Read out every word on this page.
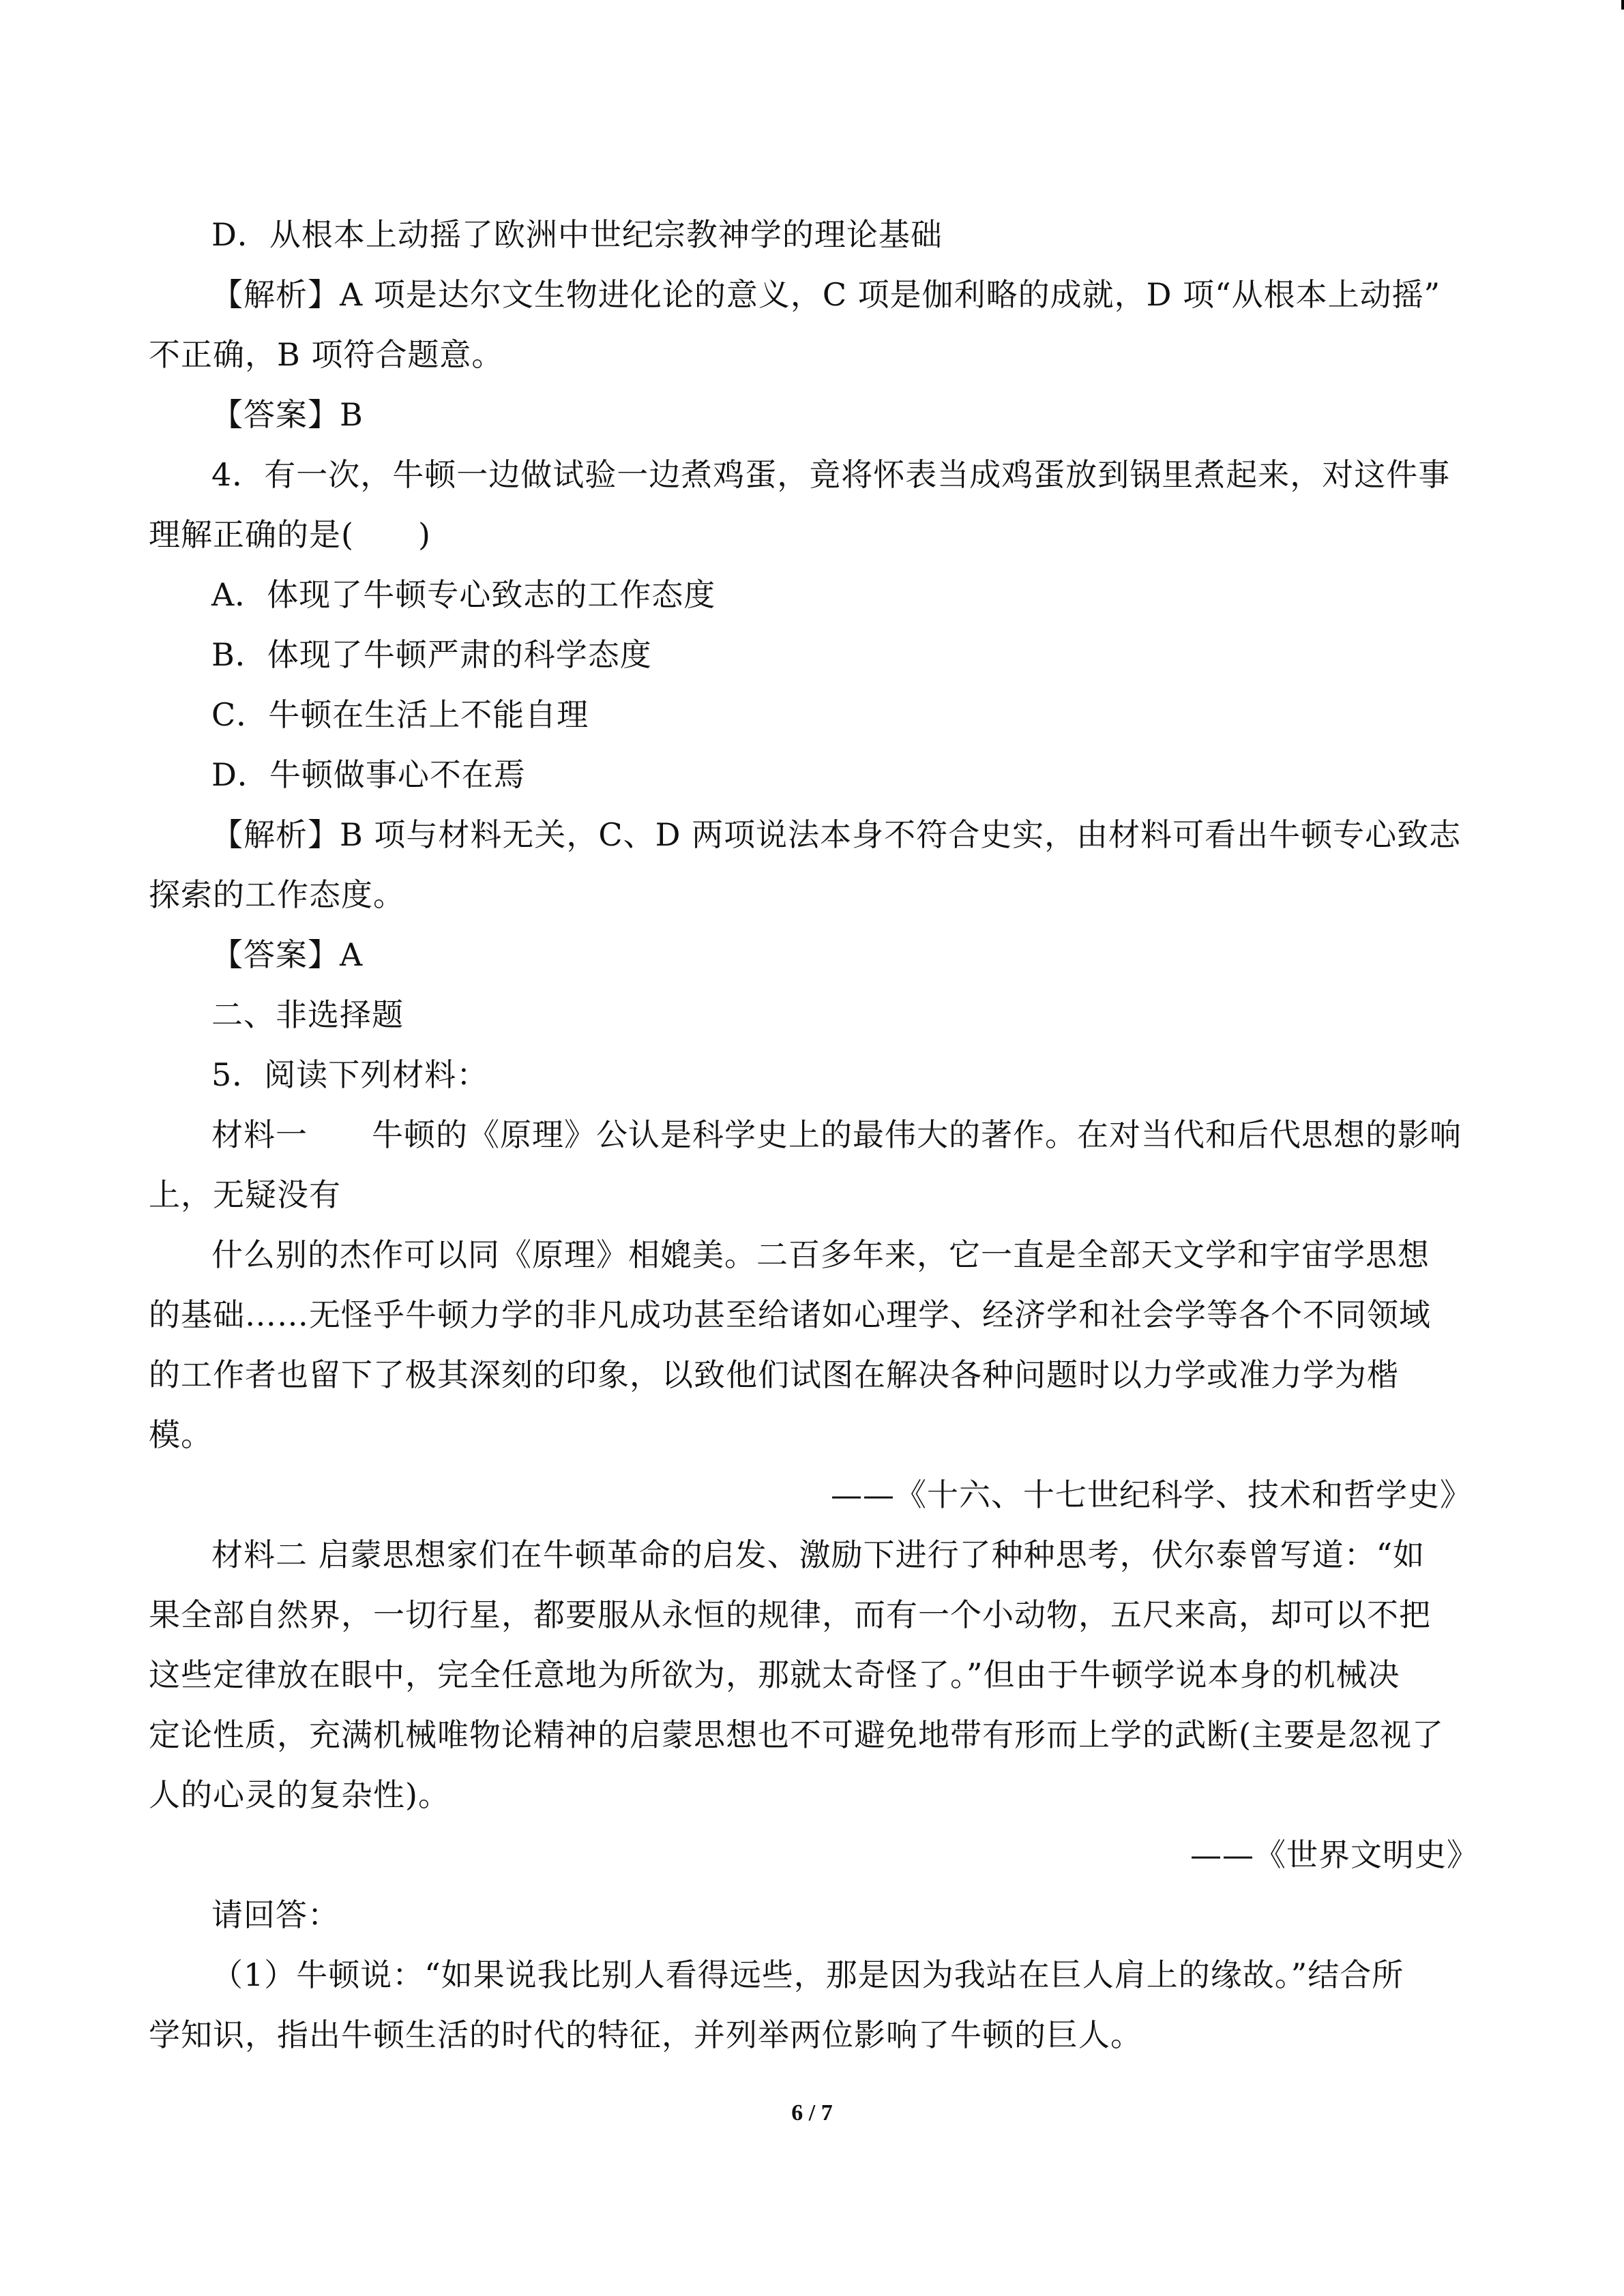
D．从根本上动摇了欧洲中世纪宗教神学的理论基础
【解析】A 项是达尔文生物进化论的意义，C 项是伽利略的成就，D 项“从根本上动摇”
不正确，B 项符合题意。
【答案】B
4．有一次，牛顿一边做试验一边煮鸡蛋，竟将怀表当成鸡蛋放到锅里煮起来，对这件事
理解正确的是(　　)
A．体现了牛顿专心致志的工作态度
B．体现了牛顿严肃的科学态度
C．牛顿在生活上不能自理
D．牛顿做事心不在焉
【解析】B 项与材料无关，C、D 两项说法本身不符合史实，由材料可看出牛顿专心致志
探索的工作态度。
【答案】A
二、非选择题
5．阅读下列材料：
材料一　　牛顿的《原理》公认是科学史上的最伟大的著作。在对当代和后代思想的影响
上，无疑没有
什么别的杰作可以同《原理》相媲美。二百多年来，它一直是全部天文学和宇宙学思想
的基础……无怪乎牛顿力学的非凡成功甚至给诸如心理学、经济学和社会学等各个不同领域
的工作者也留下了极其深刻的印象，以致他们试图在解决各种问题时以力学或准力学为楷
模。
——《十六、十七世纪科学、技术和哲学史》
材料二 启蒙思想家们在牛顿革命的启发、激励下进行了种种思考，伏尔泰曾写道：“如
果全部自然界，一切行星，都要服从永恒的规律，而有一个小动物，五尺来高，却可以不把
这些定律放在眼中，完全任意地为所欲为，那就太奇怪了。”但由于牛顿学说本身的机械决
定论性质，充满机械唯物论精神的启蒙思想也不可避免地带有形而上学的武断(主要是忽视了
人的心灵的复杂性)。
——《世界文明史》
请回答：
（1）牛顿说：“如果说我比别人看得远些，那是因为我站在巨人肩上的缘故。”结合所
学知识，指出牛顿生活的时代的特征，并列举两位影响了牛顿的巨人。
6 / 7
